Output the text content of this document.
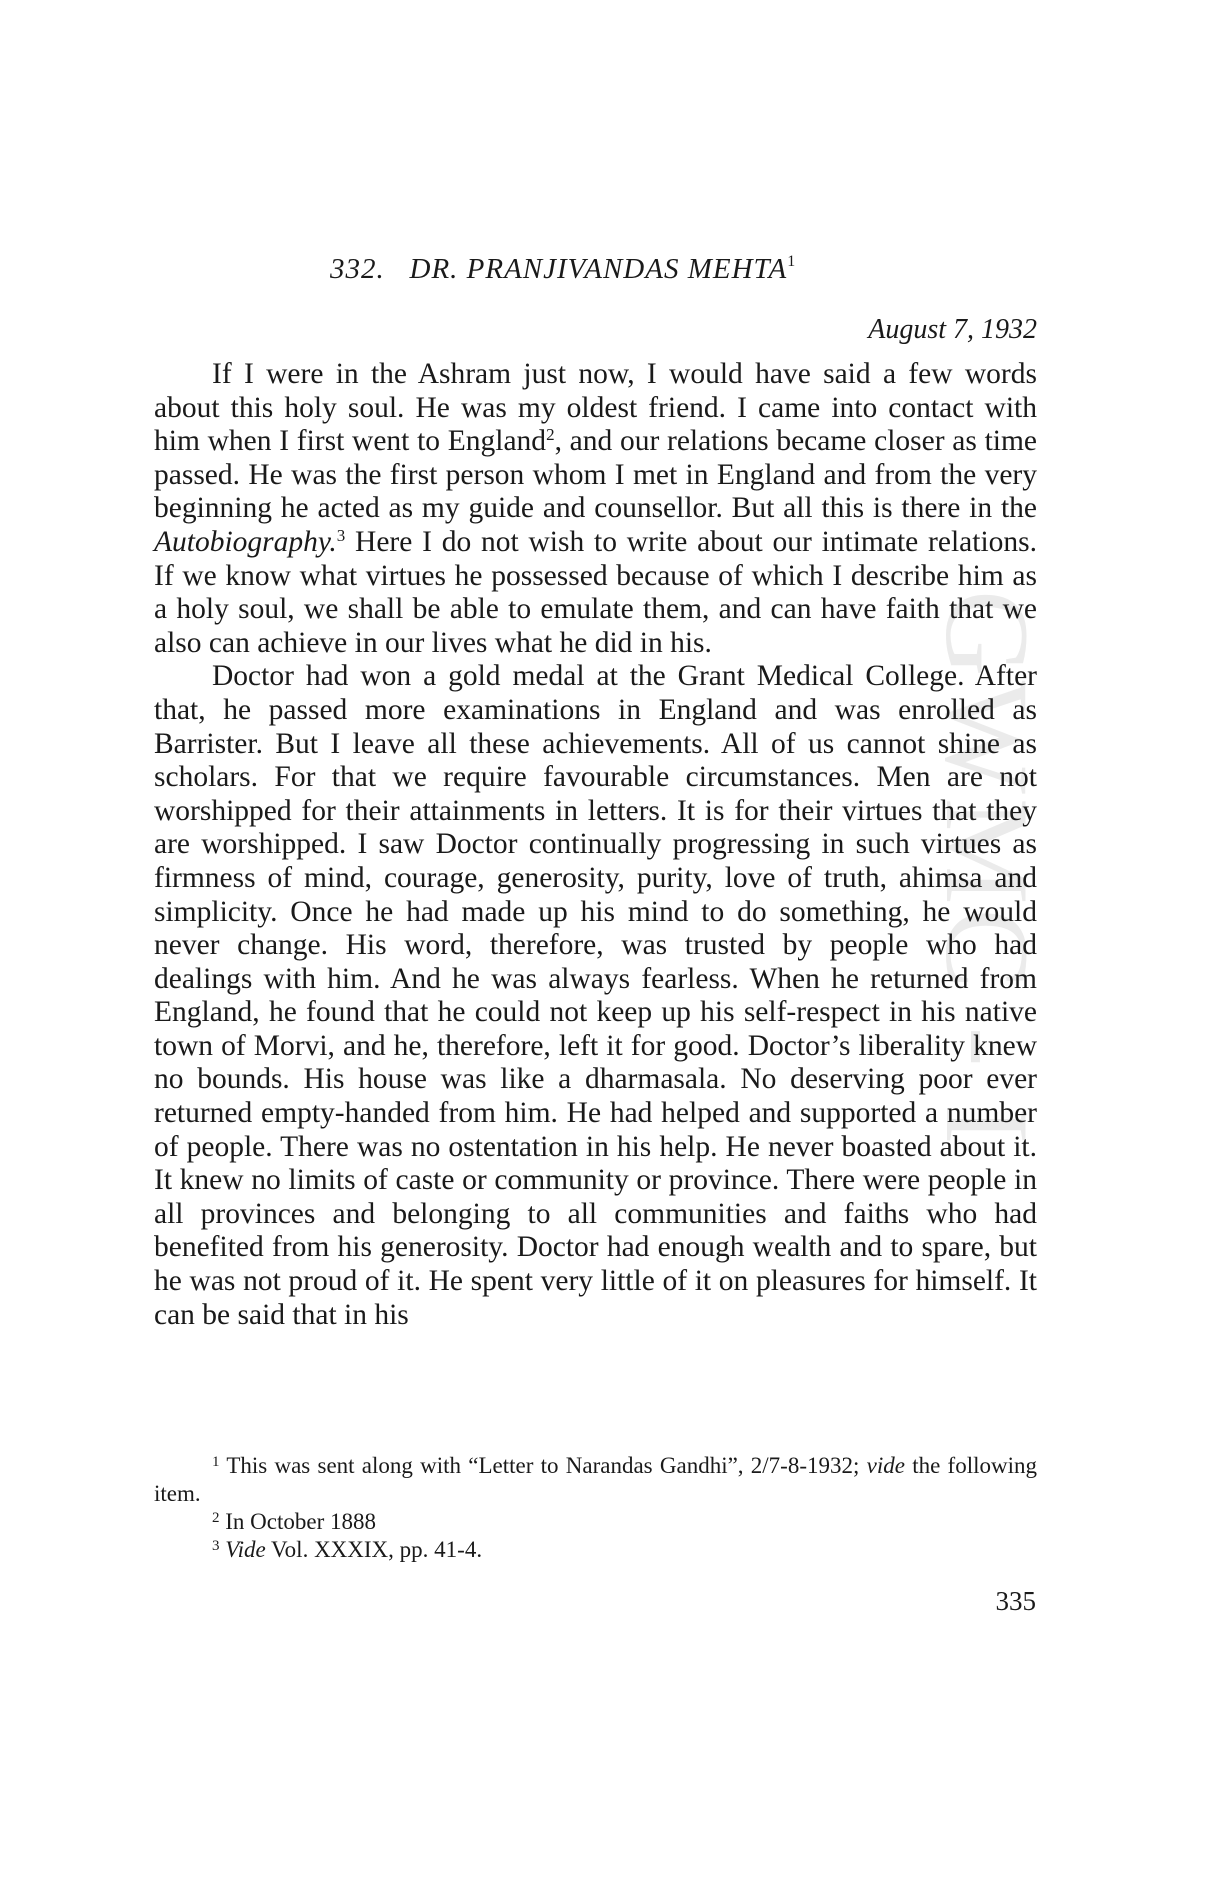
GWMC - I
332. DR. PRANJIVANDAS MEHTA$^1$
August 7, 1932

If I were in the Ashram just now, I would have said a few words about this holy soul. He was my oldest friend. I came into contact with him when I first went to England$^2$, and our relations became closer as time passed. He was the first person whom I met in England and from the very beginning he acted as my guide and counsellor. But all this is there in the Autobiography.$^3$ Here I do not wish to write about our intimate relations. If we know what virtues he possessed because of which I describe him as a holy soul, we shall be able to emulate them, and can have faith that we also can achieve in our lives what he did in his.

Doctor had won a gold medal at the Grant Medical College. After that, he passed more examinations in England and was enrolled as Barrister. But I leave all these achievements. All of us cannot shine as scholars. For that we require favourable circumstances. Men are not worshipped for their attainments in letters. It is for their virtues that they are worshipped. I saw Doctor continually progressing in such virtues as firmness of mind, courage, generosity, purity, love of truth, ahimsa and simplicity. Once he had made up his mind to do something, he would never change. His word, therefore, was trusted by people who had dealings with him. And he was always fearless. When he returned from England, he found that he could not keep up his self-respect in his native town of Morvi, and he, therefore, left it for good. Doctor’s liberality knew no bounds. His house was like a dharmasala. No deserving poor ever returned empty-handed from him. He had helped and supported a number of people. There was no ostentation in his help. He never boasted about it. It knew no limits of caste or community or province. There were people in all provinces and belonging to all communities and faiths who had benefited from his generosity. Doctor had enough wealth and to spare, but he was not proud of it. He spent very little of it on pleasures for himself. It can be said that in his

$^1$ This was sent along with “Letter to Narandas Gandhi”, 2/7-8-1932; vide the following item.

$^2$ In October 1888

$^3$ Vide Vol. XXXIX, pp. 41-4.

335
